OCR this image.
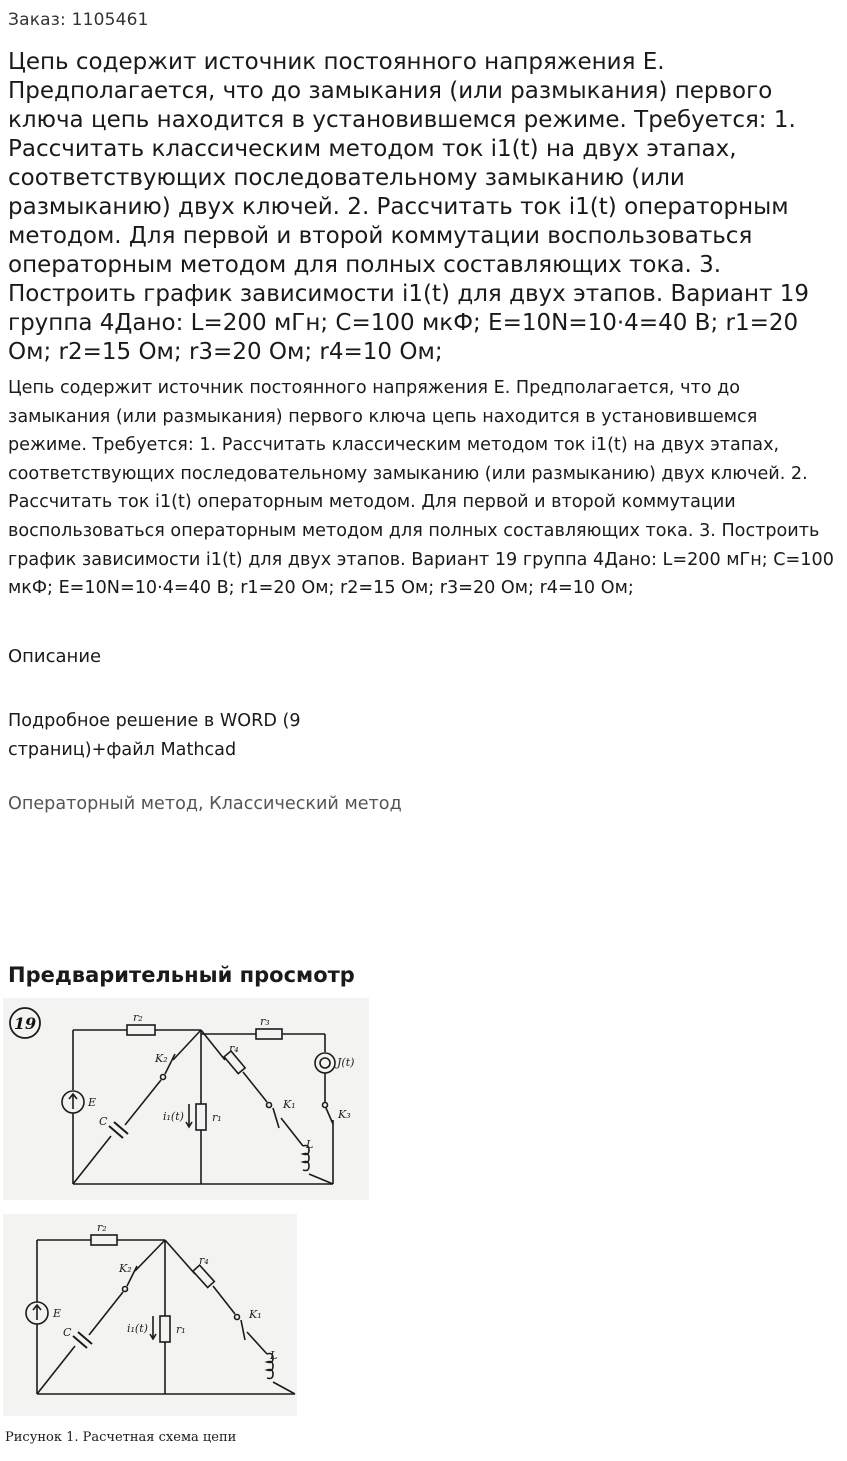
Заказ: 1105461
Цепь содержит источник постоянного напряжения E. Предполагается, что до замыкания (или размыкания) первого ключа цепь находится в установившемся режиме. Требуется: 1. Рассчитать классическим методом ток i1(t) на двух этапах, соответствующих последовательному замыканию (или размыканию) двух ключей. 2. Рассчитать ток i1(t) операторным методом. Для первой и второй коммутации воспользоваться операторным методом для полных составляющих тока. 3. Построить график зависимости i1(t) для двух этапов. Вариант 19 группа 4Дано: L=200 мГн; C=100 мкФ; E=10N=10·4=40 В; r1=20 Ом; r2=15 Ом; r3=20 Ом; r4=10 Ом;

Цепь содержит источник постоянного напряжения E. Предполагается, что до замыкания (или размыкания) первого ключа цепь находится в установившемся режиме. Требуется: 1. Рассчитать классическим методом ток i1(t) на двух этапах, соответствующих последовательному замыканию (или размыканию) двух ключей. 2. Рассчитать ток i1(t) операторным методом. Для первой и второй коммутации воспользоваться операторным методом для полных составляющих тока. 3. Построить график зависимости i1(t) для двух этапов. Вариант 19 группа 4Дано: L=200 мГн; C=100 мкФ; E=10N=10·4=40 В; r1=20 Ом; r2=15 Ом; r3=20 Ом; r4=10 Ом;

Описание
Подробное решение в WORD (9 страниц)+файл Mathcad
Операторный метод, Классический метод
Предварительный просмотр
19	r₂	r₃
r₄
r₁
K₂
K₁
K₃
E
C
L
i₁(t)
J(t)
r₂
r₄
r₁
K₂
K₁
E
C
L
i₁(t)
Рисунок 1. Расчетная схема цепи
